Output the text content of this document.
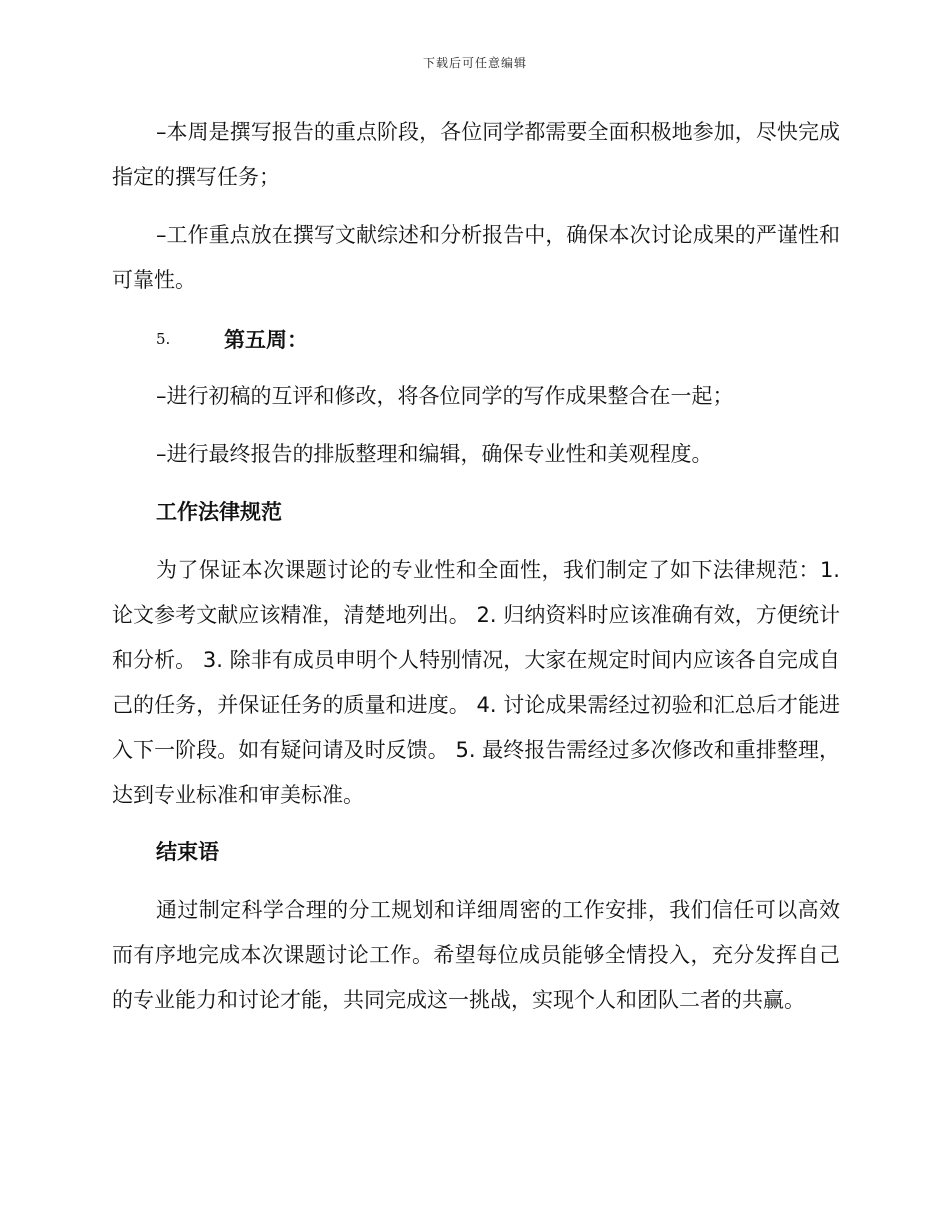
下载后可任意编辑

–本周是撰写报告的重点阶段，各位同学都需要全面积极地参加，尽快完成指定的撰写任务；

–工作重点放在撰写文献综述和分析报告中，确保本次讨论成果的严谨性和可靠性。

5.	第五周：

–进行初稿的互评和修改，将各位同学的写作成果整合在一起；

–进行最终报告的排版整理和编辑，确保专业性和美观程度。

工作法律规范

为了保证本次课题讨论的专业性和全面性，我们制定了如下法律规范：1. 论文参考文献应该精准，清楚地列出。 2. 归纳资料时应该准确有效，方便统计和分析。 3. 除非有成员申明个人特别情况，大家在规定时间内应该各自完成自己的任务，并保证任务的质量和进度。 4. 讨论成果需经过初验和汇总后才能进入下一阶段。如有疑问请及时反馈。 5. 最终报告需经过多次修改和重排整理，达到专业标准和审美标准。

结束语

通过制定科学合理的分工规划和详细周密的工作安排，我们信任可以高效而有序地完成本次课题讨论工作。希望每位成员能够全情投入，充分发挥自己的专业能力和讨论才能，共同完成这一挑战，实现个人和团队二者的共赢。
